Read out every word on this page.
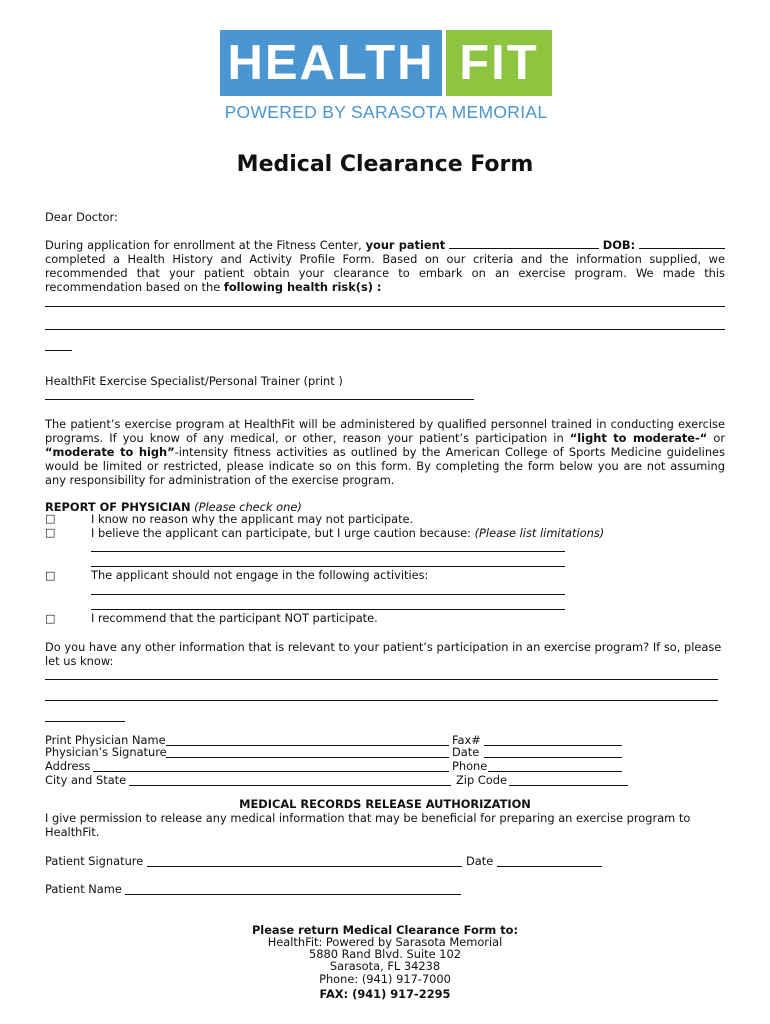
HEALTH FIT
POWERED BY SARASOTA MEMORIAL
Medical Clearance Form
Dear Doctor:
During application for enrollment at the Fitness Center, your patient	DOB:  completed a Health History and Activity Profile Form. Based on our criteria and the information supplied, we recommended that your patient obtain your clearance to embark on an exercise program. We made this recommendation based on the following health risk(s) :
HealthFit Exercise Specialist/Personal Trainer (print )
The patient’s exercise program at HealthFit will be administered by qualified personnel trained in conducting exercise programs. If you know of any medical, or other, reason your patient’s participation in “light to moderate-“ or “moderate to high”-intensity fitness activities as outlined by the American College of Sports Medicine guidelines would be limited or restricted, please indicate so on this form. By completing the form below you are not assuming any responsibility for administration of the exercise program.
REPORT OF PHYSICIAN (Please check one)
□	I know no reason why the applicant may not participate.
□	I believe the applicant can participate, but I urge caution because: (Please list limitations)
□	The applicant should not engage in the following activities:
□	I recommend that the participant NOT participate.
Do you have any other information that is relevant to your patient’s participation in an exercise program? If so, please let us know:
Print Physician Name	Fax#
Physician’s Signature	Date
Address	Phone
City and State	Zip Code
MEDICAL RECORDS RELEASE AUTHORIZATION
I give permission to release any medical information that may be beneficial for preparing an exercise program to HealthFit.
Patient Signature	Date
Patient Name
Please return Medical Clearance Form to:
HealthFit: Powered by Sarasota Memorial
5880 Rand Blvd. Suite 102
Sarasota, FL 34238
Phone: (941) 917-7000
FAX: (941) 917-2295
